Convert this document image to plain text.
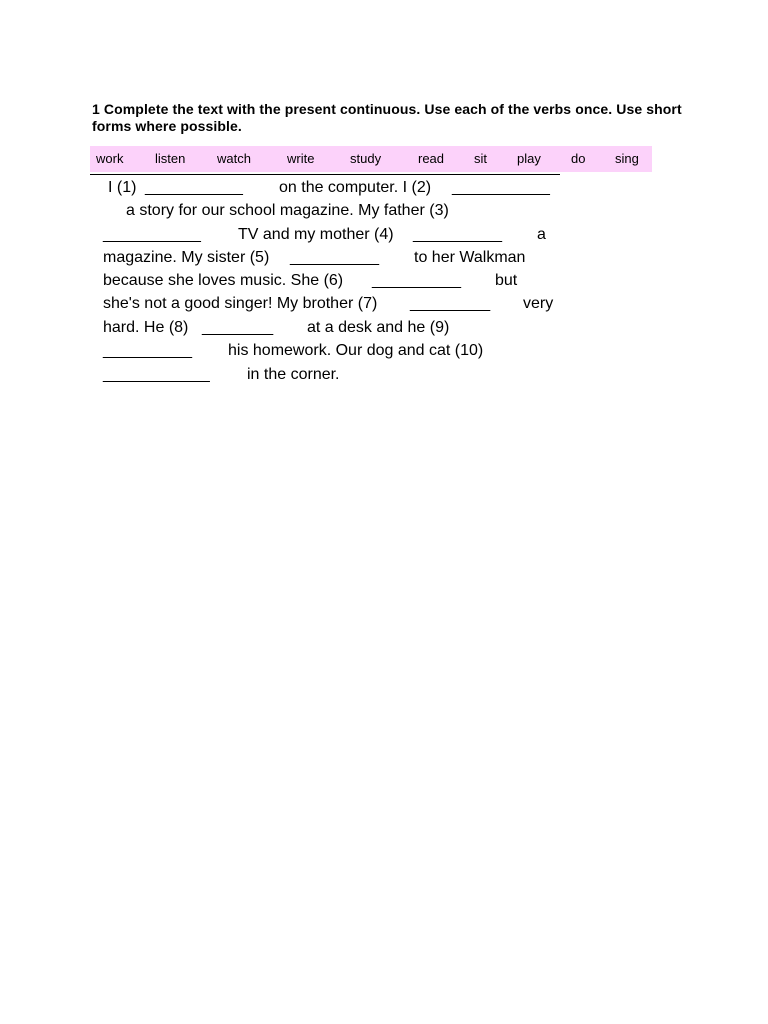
1 Complete the text with the present continuous. Use each of the verbs once. Use short forms where possible.
work listen watch	write	study	read sit play do sing
I (1) ___________ on the computer. I (2) ___________
a story for our school magazine. My father (3)
___________ TV and my mother (4) __________ a
magazine. My sister (5) __________ to her Walkman
because she loves music. She (6) __________ but
she's not a good singer! My brother (7) _________ very
hard. He (8) ________ at a desk and he (9)
__________ his homework. Our dog and cat (10)
____________ in the corner.
